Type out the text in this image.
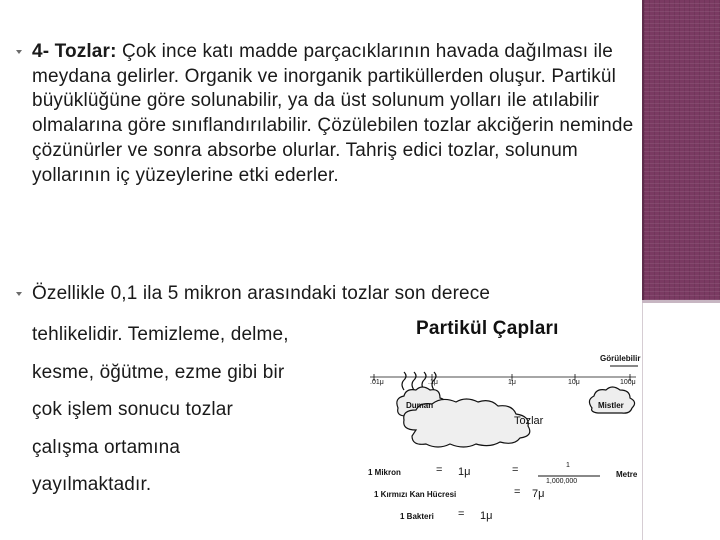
4- Tozlar: Çok ince katı madde parçacıklarının havada dağılması ile meydana gelirler. Organik ve inorganik partiküllerden oluşur. Partikül büyüklüğüne göre solunabilir, ya da üst solunum yolları ile atılabilir olmalarına göre sınıflandırılabilir. Çözülebilen tozlar akciğerin neminde çözünürler ve sonra absorbe olurlar. Tahriş edici tozlar, solunum yollarının iç yüzeylerine etki ederler.
Özellikle 0,1 ila 5 mikron arasındaki tozlar son derece
tehlikelidir. Temizleme, delme,
kesme, öğütme, ezme gibi bir
çok işlem sonucu tozlar
çalışma ortamına
yayılmaktadır.
Partikül Çapları
Görülebilir
.01μ	.1μ	1μ	10μ	100μ
Duman	Mistler
Tozlar
1 Mikron	= 1μ	=	1
1,000,000
Metre
1 Kırmızı Kan Hücresi	= 7μ
1 Bakteri = 1μ
